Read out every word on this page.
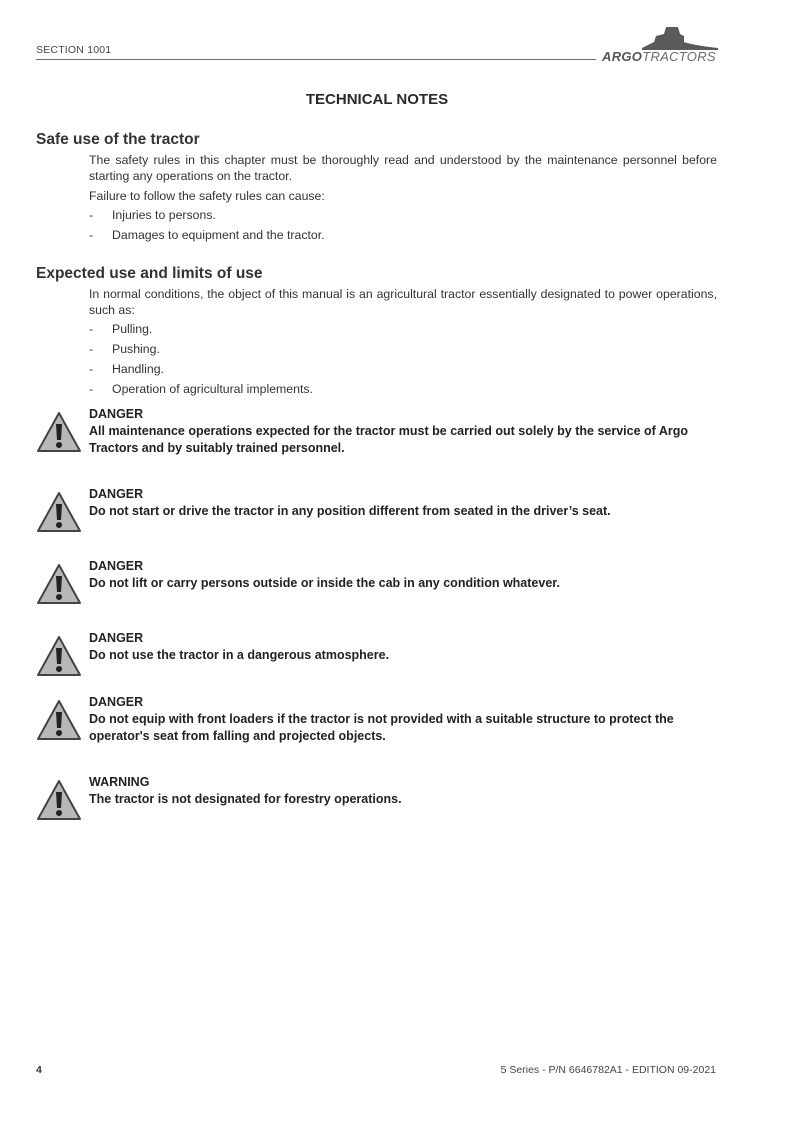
SECTION 1001	ARGOTRACTORS
TECHNICAL NOTES
Safe use of the tractor
The safety rules in this chapter must be thoroughly read and understood by the maintenance personnel before starting any operations on the tractor.
Failure to follow the safety rules can cause:
- Injuries to persons.
- Damages to equipment and the tractor.
Expected use and limits of use
In normal conditions, the object of this manual is an agricultural tractor essentially designated to power operations, such as:
- Pulling.
- Pushing.
- Handling.
- Operation of agricultural implements.
DANGER
All maintenance operations expected for the tractor must be carried out solely by the service of Argo Tractors and by suitably trained personnel.
DANGER
Do not start or drive the tractor in any position different from seated in the driver’s seat.
DANGER
Do not lift or carry persons outside or inside the cab in any condition whatever.
DANGER
Do not use the tractor in a dangerous atmosphere.
DANGER
Do not equip with front loaders if the tractor is not provided with a suitable structure to protect the operator's seat from falling and projected objects.
WARNING
The tractor is not designated for forestry operations.
4	5 Series - P/N 6646782A1 - EDITION 09-2021
